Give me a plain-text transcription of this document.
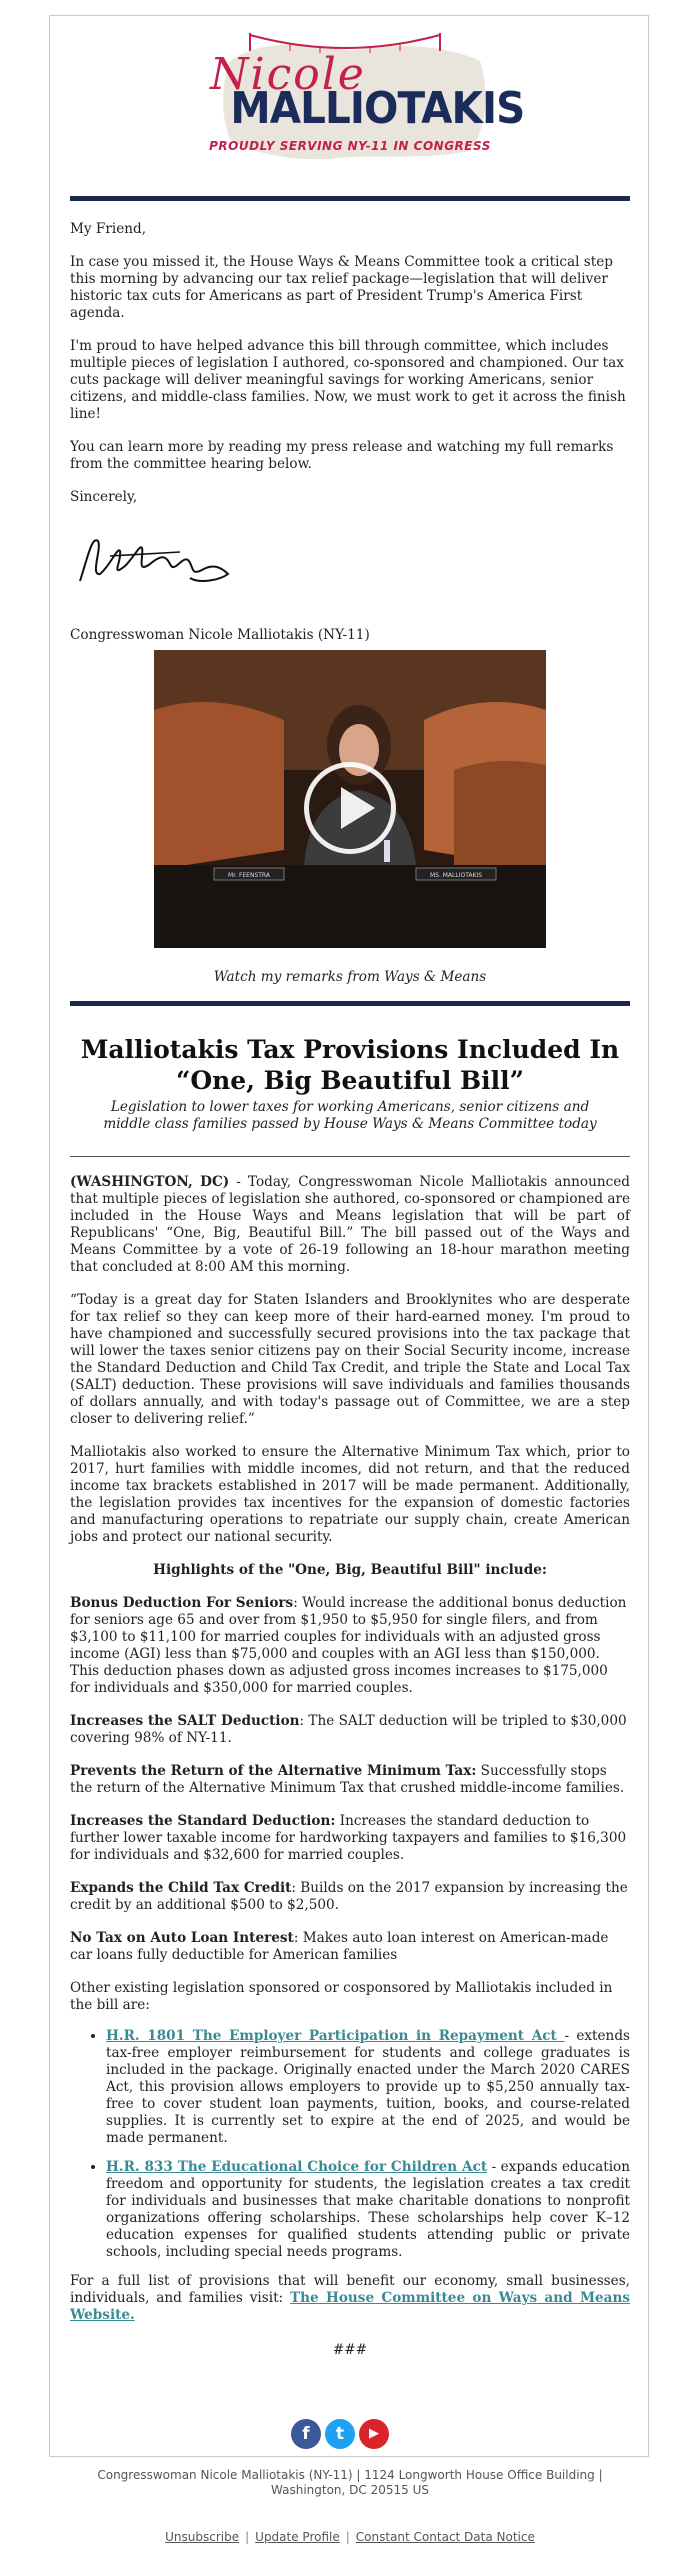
Nicole
MALLIOTAKIS
PROUDLY SERVING NY-11 IN CONGRESS

My Friend,

In case you missed it, the House Ways & Means Committee took a critical step this morning by advancing our tax relief package—legislation that will deliver historic tax cuts for Americans as part of President Trump's America First agenda.

I'm proud to have helped advance this bill through committee, which includes multiple pieces of legislation I authored, co-sponsored and championed. Our tax cuts package will deliver meaningful savings for working Americans, senior citizens, and middle-class families. Now, we must work to get it across the finish line!

You can learn more by reading my press release and watching my full remarks from the committee hearing below.

Sincerely,

Congresswoman Nicole Malliotakis (NY-11)

Mr. FEENSTRA	MS. MALLIOTAKIS

Watch my remarks from Ways & Means

Malliotakis Tax Provisions Included In “One, Big Beautiful Bill”
Legislation to lower taxes for working Americans, senior citizens and middle class families passed by House Ways & Means Committee today

(WASHINGTON, DC) - Today, Congresswoman Nicole Malliotakis announced that multiple pieces of legislation she authored, co-sponsored or championed are included in the House Ways and Means legislation that will be part of Republicans' “One, Big, Beautiful Bill.” The bill passed out of the Ways and Means Committee by a vote of 26-19 following an 18-hour marathon meeting that concluded at 8:00 AM this morning.

“Today is a great day for Staten Islanders and Brooklynites who are desperate for tax relief so they can keep more of their hard-earned money. I'm proud to have championed and successfully secured provisions into the tax package that will lower the taxes senior citizens pay on their Social Security income, increase the Standard Deduction and Child Tax Credit, and triple the State and Local Tax (SALT) deduction. These provisions will save individuals and families thousands of dollars annually, and with today's passage out of Committee, we are a step closer to delivering relief.”

Malliotakis also worked to ensure the Alternative Minimum Tax which, prior to 2017, hurt families with middle incomes, did not return, and that the reduced income tax brackets established in 2017 will be made permanent. Additionally, the legislation provides tax incentives for the expansion of domestic factories and manufacturing operations to repatriate our supply chain, create American jobs and protect our national security.

Highlights of the "One, Big, Beautiful Bill" include:

Bonus Deduction For Seniors: Would increase the additional bonus deduction for seniors age 65 and over from $1,950 to $5,950 for single filers, and from $3,100 to $11,100 for married couples for individuals with an adjusted gross income (AGI) less than $75,000 and couples with an AGI less than $150,000. This deduction phases down as adjusted gross incomes increases to $175,000 for individuals and $350,000 for married couples.

Increases the SALT Deduction: The SALT deduction will be tripled to $30,000 covering 98% of NY-11.

Prevents the Return of the Alternative Minimum Tax: Successfully stops the return of the Alternative Minimum Tax that crushed middle-income families.

Increases the Standard Deduction: Increases the standard deduction to further lower taxable income for hardworking taxpayers and families to $16,300 for individuals and $32,600 for married couples.

Expands the Child Tax Credit: Builds on the 2017 expansion by increasing the credit by an additional $500 to $2,500.

No Tax on Auto Loan Interest: Makes auto loan interest on American-made car loans fully deductible for American families

Other existing legislation sponsored or cosponsored by Malliotakis included in the bill are:

• H.R. 1801 The Employer Participation in Repayment Act - extends tax-free employer reimbursement for students and college graduates is included in the package. Originally enacted under the March 2020 CARES Act, this provision allows employers to provide up to $5,250 annually tax-free to cover student loan payments, tuition, books, and course-related supplies. It is currently set to expire at the end of 2025, and would be made permanent.
• H.R. 833 The Educational Choice for Children Act - expands education freedom and opportunity for students, the legislation creates a tax credit for individuals and businesses that make charitable donations to nonprofit organizations offering scholarships. These scholarships help cover K–12 education expenses for qualified students attending public or private schools, including special needs programs.

For a full list of provisions that will benefit our economy, small businesses, individuals, and families visit: The House Committee on Ways and Means Website.

###

f	t	▶
Congresswoman Nicole Malliotakis (NY-11) | 1124 Longworth House Office Building |
Washington, DC 20515 US
Unsubscribe | Update Profile | Constant Contact Data Notice
